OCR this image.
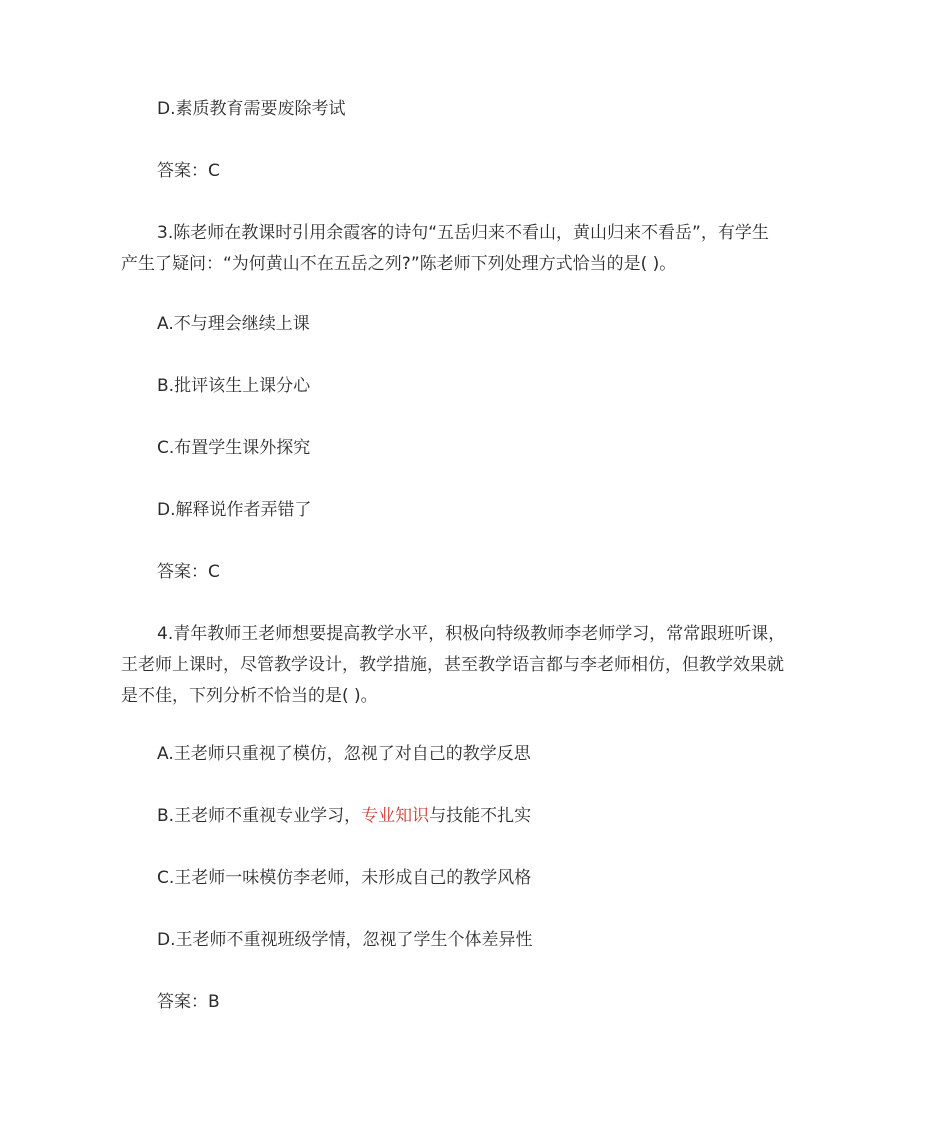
D.素质教育需要废除考试
答案：C
3.陈老师在教课时引用余霞客的诗句“五岳归来不看山，黄山归来不看岳”，有学生
产生了疑问：“为何黄山不在五岳之列?”陈老师下列处理方式恰当的是( )。
A.不与理会继续上课
B.批评该生上课分心
C.布置学生课外探究
D.解释说作者弄错了
答案：C
4.青年教师王老师想要提高教学水平，积极向特级教师李老师学习，常常跟班听课，
王老师上课时，尽管教学设计，教学措施，甚至教学语言都与李老师相仿，但教学效果就
是不佳，下列分析不恰当的是( )。
A.王老师只重视了模仿，忽视了对自己的教学反思
B.王老师不重视专业学习，专业知识与技能不扎实
C.王老师一味模仿李老师，未形成自己的教学风格
D.王老师不重视班级学情，忽视了学生个体差异性
答案：B
